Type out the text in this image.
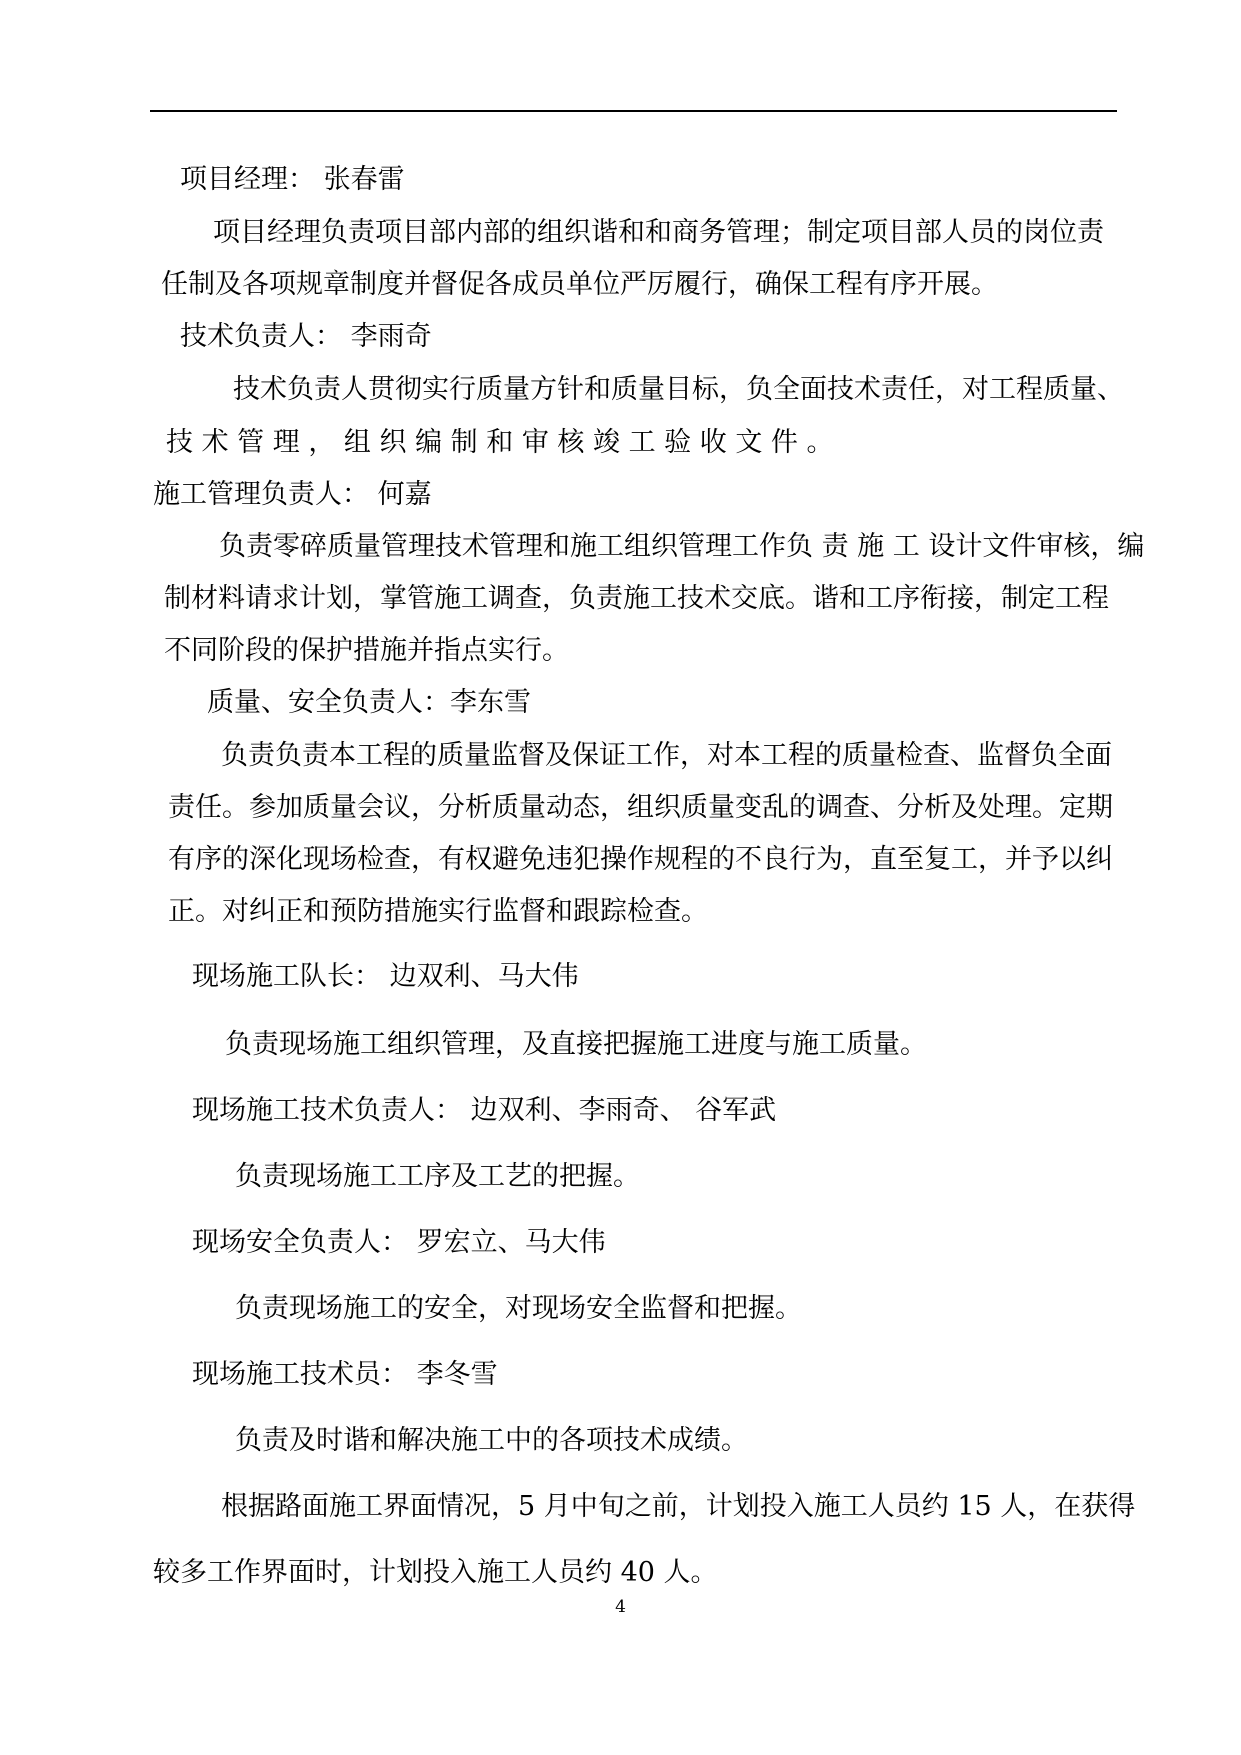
项目经理： 张春雷
项目经理负责项目部内部的组织谐和和商务管理；制定项目部人员的岗位责
任制及各项规章制度并督促各成员单位严厉履行，确保工程有序开展。
技术负责人： 李雨奇
技术负责人贯彻实行质量方针和质量目标，负全面技术责任，对工程质量、
技 术 管 理 ， 组 织 编 制 和 审 核 竣 工 验 收 文 件 。
施工管理负责人： 何嘉
负责零碎质量管理技术管理和施工组织管理工作负 责 施 工 设计文件审核，编
制材料请求计划，掌管施工调查，负责施工技术交底。谐和工序衔接，制定工程
不同阶段的保护措施并指点实行。
质量、安全负责人：李东雪
负责负责本工程的质量监督及保证工作，对本工程的质量检查、监督负全面
责任。参加质量会议，分析质量动态，组织质量变乱的调查、分析及处理。定期
有序的深化现场检查，有权避免违犯操作规程的不良行为，直至复工，并予以纠
正。对纠正和预防措施实行监督和跟踪检查。
现场施工队长： 边双利、马大伟
负责现场施工组织管理，及直接把握施工进度与施工质量。
现场施工技术负责人： 边双利、李雨奇、 谷军武
负责现场施工工序及工艺的把握。
现场安全负责人： 罗宏立、马大伟
负责现场施工的安全，对现场安全监督和把握。
现场施工技术员： 李冬雪
负责及时谐和解决施工中的各项技术成绩。
根据路面施工界面情况，5 月中旬之前，计划投入施工人员约 15 人，在获得
较多工作界面时，计划投入施工人员约 40 人。
4
